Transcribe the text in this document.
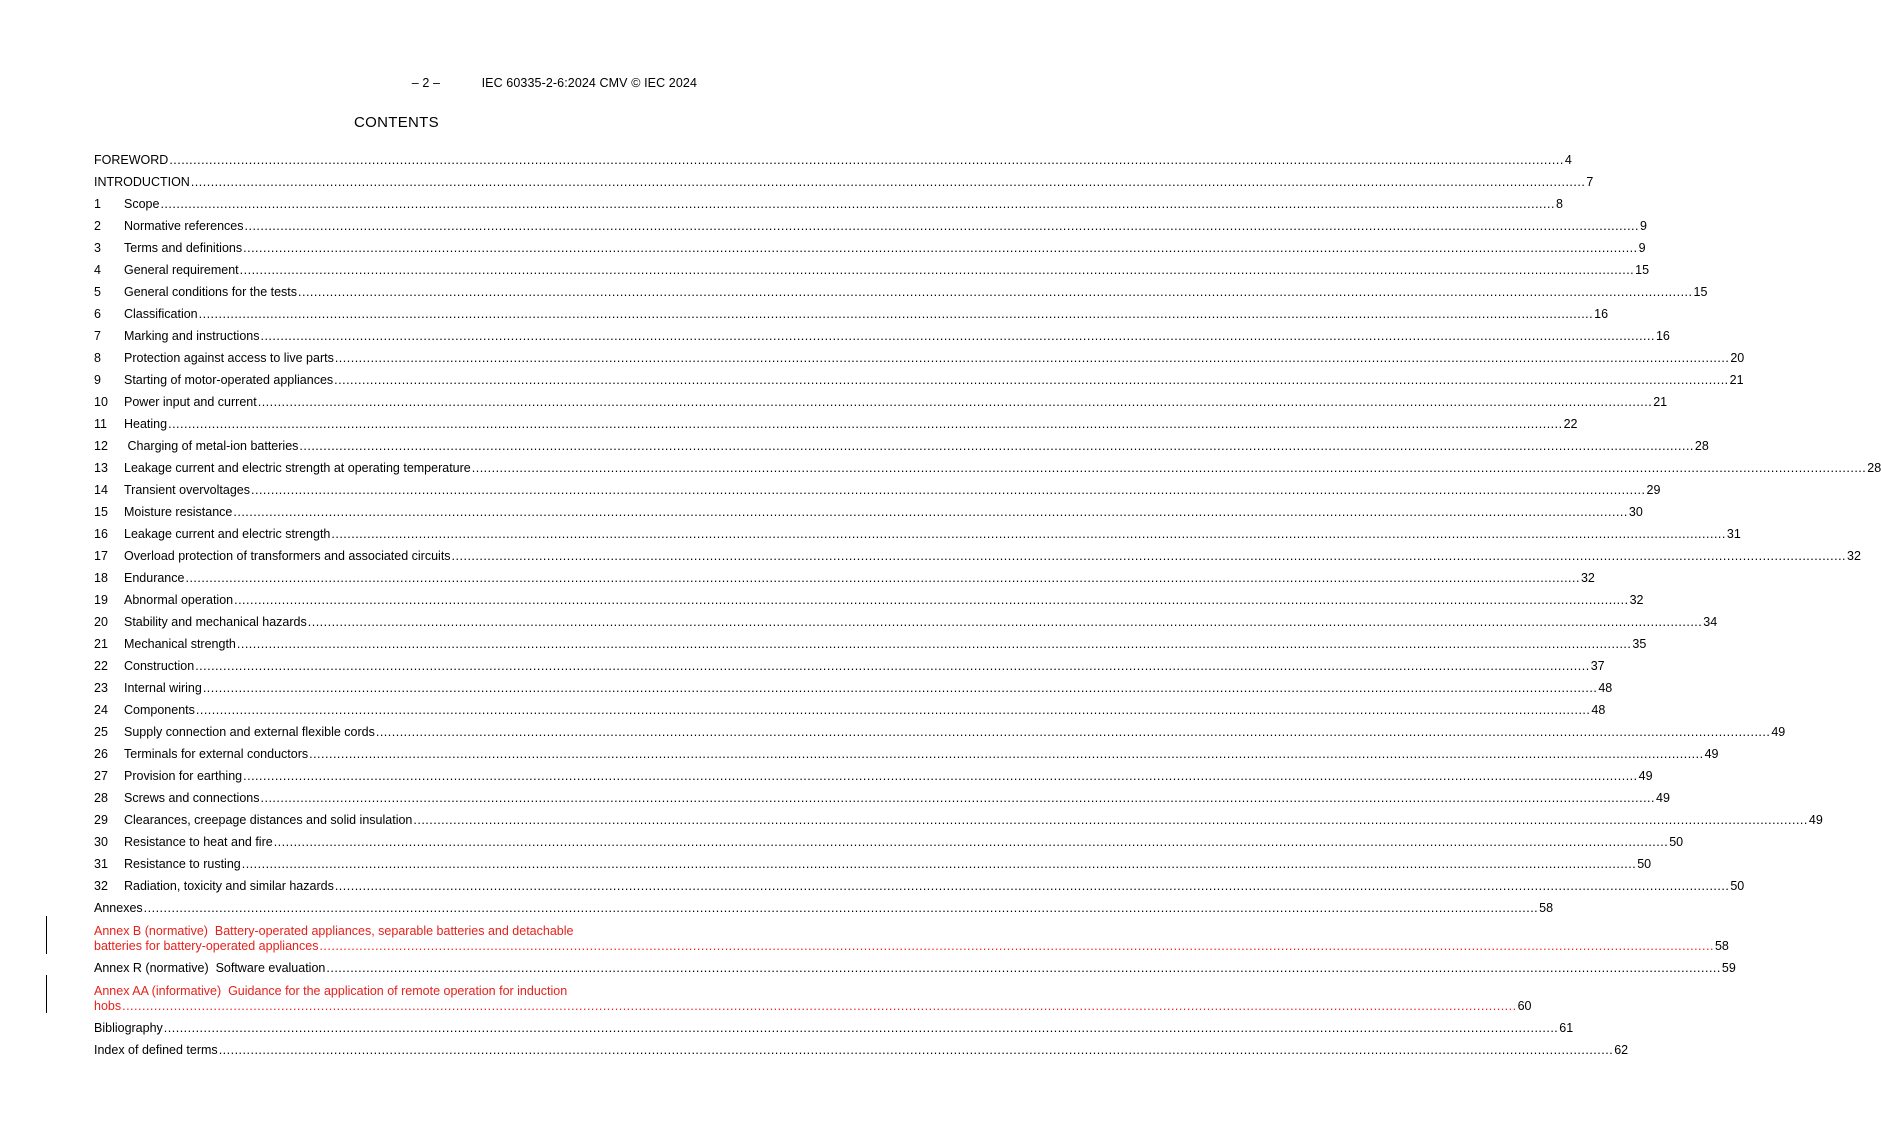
– 2 –	IEC 60335-2-6:2024 CMV © IEC 2024
CONTENTS
FOREWORD .....	4
INTRODUCTION .....	7
1	Scope .....	8
2	Normative references .....	9
3	Terms and definitions .....	9
4	General requirement .....	15
5	General conditions for the tests .....	15
6	Classification .....	16
7	Marking and instructions .....	16
8	Protection against access to live parts .....	20
9	Starting of motor-operated appliances .....	21
10	Power input and current .....	21
11	Heating .....	22
12	Charging of metal-ion batteries .....	28
13	Leakage current and electric strength at operating temperature .....	28
14	Transient overvoltages .....	29
15	Moisture resistance .....	30
16	Leakage current and electric strength .....	31
17	Overload protection of transformers and associated circuits .....	32
18	Endurance .....	32
19	Abnormal operation .....	32
20	Stability and mechanical hazards .....	34
21	Mechanical strength .....	35
22	Construction .....	37
23	Internal wiring .....	48
24	Components .....	48
25	Supply connection and external flexible cords .....	49
26	Terminals for external conductors .....	49
27	Provision for earthing .....	49
28	Screws and connections .....	49
29	Clearances, creepage distances and solid insulation .....	49
30	Resistance to heat and fire .....	50
31	Resistance to rusting .....	50
32	Radiation, toxicity and similar hazards .....	50
Annexes .....	58
Annex B (normative)  Battery-operated appliances, separable batteries and detachable
batteries for battery-operated appliances .....	58
Annex R (normative)  Software evaluation .....	59
Annex AA (informative)  Guidance for the application of remote operation for induction
hobs .....	60
Bibliography .....	61
Index of defined terms .....	62
